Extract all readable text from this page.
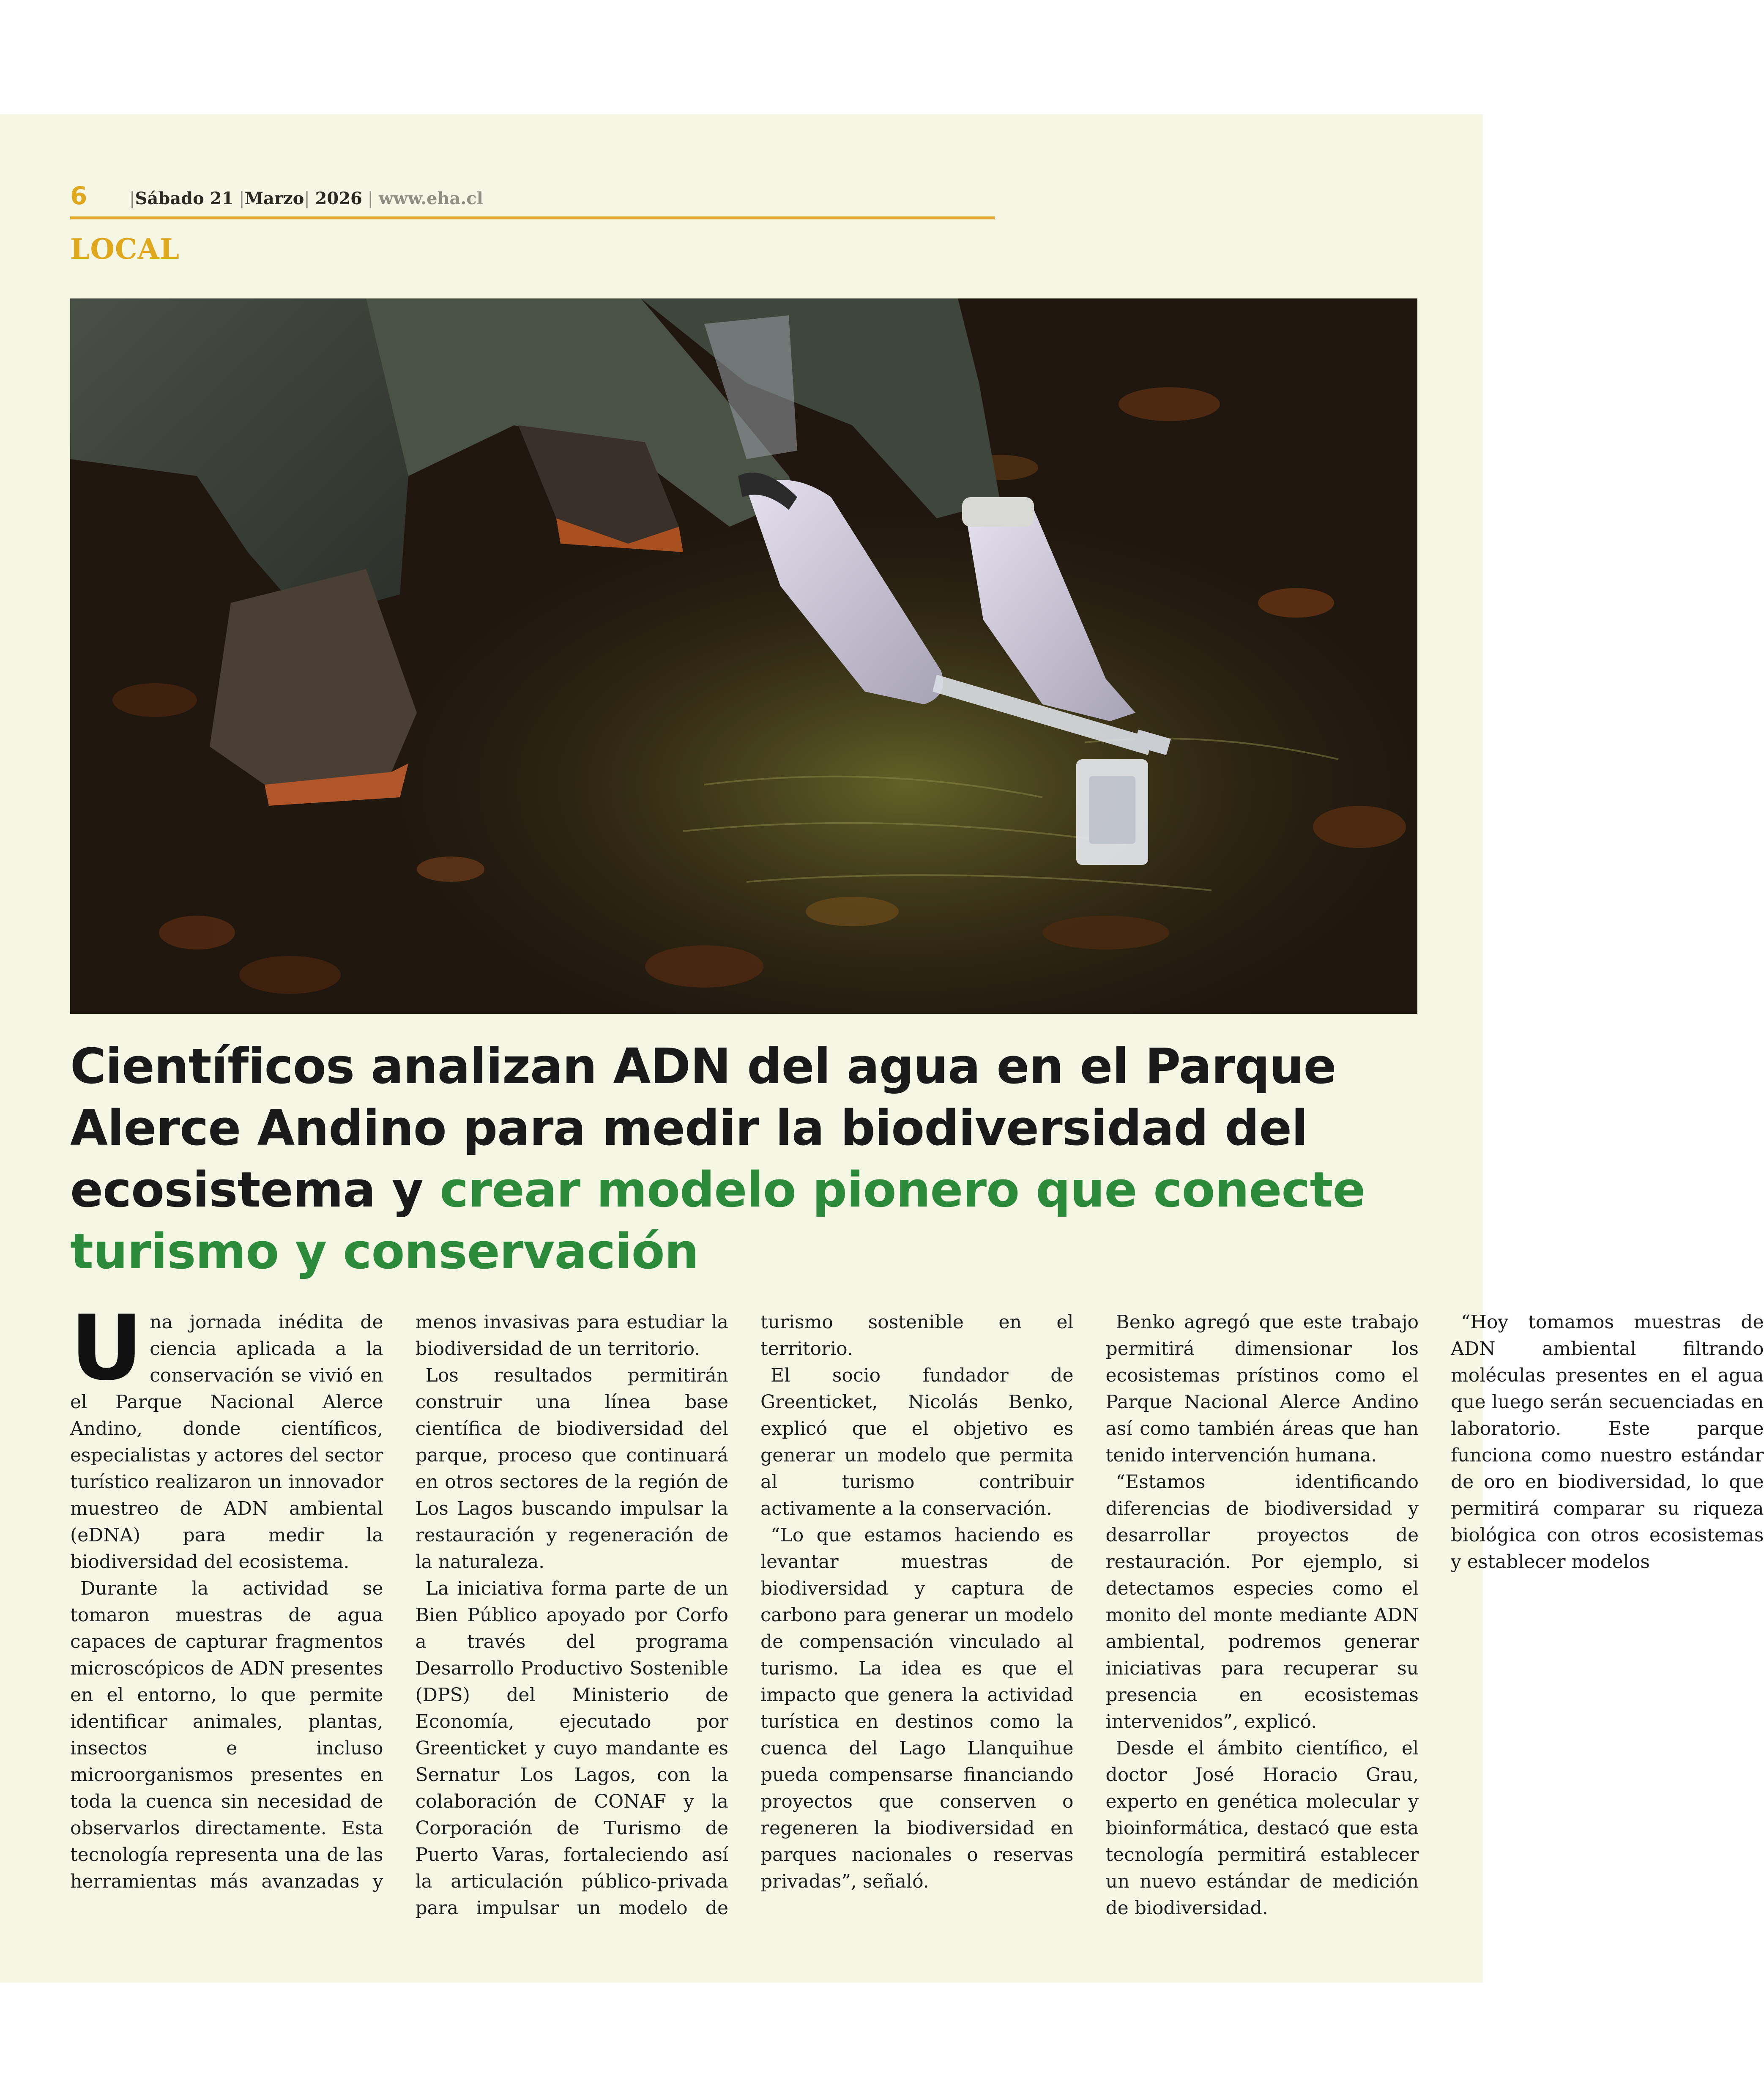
6 |Sábado 21 |Marzo| 2026 | www.eha.cl
LOCAL
Científicos analizan ADN del agua en el Parque Alerce Andino para medir la biodiversidad del ecosistema y crear modelo pionero que conecte turismo y conservación

Una jornada inédita de ciencia aplicada a la conservación se vivió en el Parque Nacional Alerce Andino, donde científicos, especialistas y actores del sector turístico realizaron un innovador muestreo de ADN ambiental (eDNA) para medir la biodiversidad del ecosistema.

Durante la actividad se tomaron muestras de agua capaces de capturar fragmentos microscópicos de ADN presentes en el entorno, lo que permite identificar animales, plantas, insectos e incluso microorganismos presentes en toda la cuenca sin necesidad de observarlos directamente. Esta tecnología representa una de las herramientas más avanzadas y menos invasivas para estudiar la biodiversidad de un territorio.

Los resultados permitirán construir una línea base científica de biodiversidad del parque, proceso que continuará en otros sectores de la región de Los Lagos buscando impulsar la restauración y regeneración de la naturaleza.

La iniciativa forma parte de un Bien Público apoyado por Corfo a través del programa Desarrollo Productivo Sostenible (DPS) del Ministerio de Economía, ejecutado por Greenticket y cuyo mandante es Sernatur Los Lagos, con la colaboración de CONAF y la Corporación de Turismo de Puerto Varas, fortaleciendo así la articulación público-privada para impulsar un modelo de turismo sostenible en el territorio.

El socio fundador de Greenticket, Nicolás Benko, explicó que el objetivo es generar un modelo que permita al turismo contribuir activamente a la conservación.

“Lo que estamos haciendo es levantar muestras de biodiversidad y captura de carbono para generar un modelo de compensación vinculado al turismo. La idea es que el impacto que genera la actividad turística en destinos como la cuenca del Lago Llanquihue pueda compensarse financiando proyectos que conserven o regeneren la biodiversidad en parques nacionales o reservas privadas”, señaló.

Benko agregó que este trabajo permitirá dimensionar los ecosistemas prístinos como el Parque Nacional Alerce Andino así como también áreas que han tenido intervención humana.

“Estamos identificando diferencias de biodiversidad y desarrollar proyectos de restauración. Por ejemplo, si detectamos especies como el monito del monte mediante ADN ambiental, podremos generar iniciativas para recuperar su presencia en ecosistemas intervenidos”, explicó.

Desde el ámbito científico, el doctor José Horacio Grau, experto en genética molecular y bioinformática, destacó que esta tecnología permitirá establecer un nuevo estándar de medición de biodiversidad.

“Hoy tomamos muestras de ADN ambiental filtrando moléculas presentes en el agua que luego serán secuenciadas en laboratorio. Este parque funciona como nuestro estándar de oro en biodiversidad, lo que permitirá comparar su riqueza biológica con otros ecosistemas y establecer modelos
